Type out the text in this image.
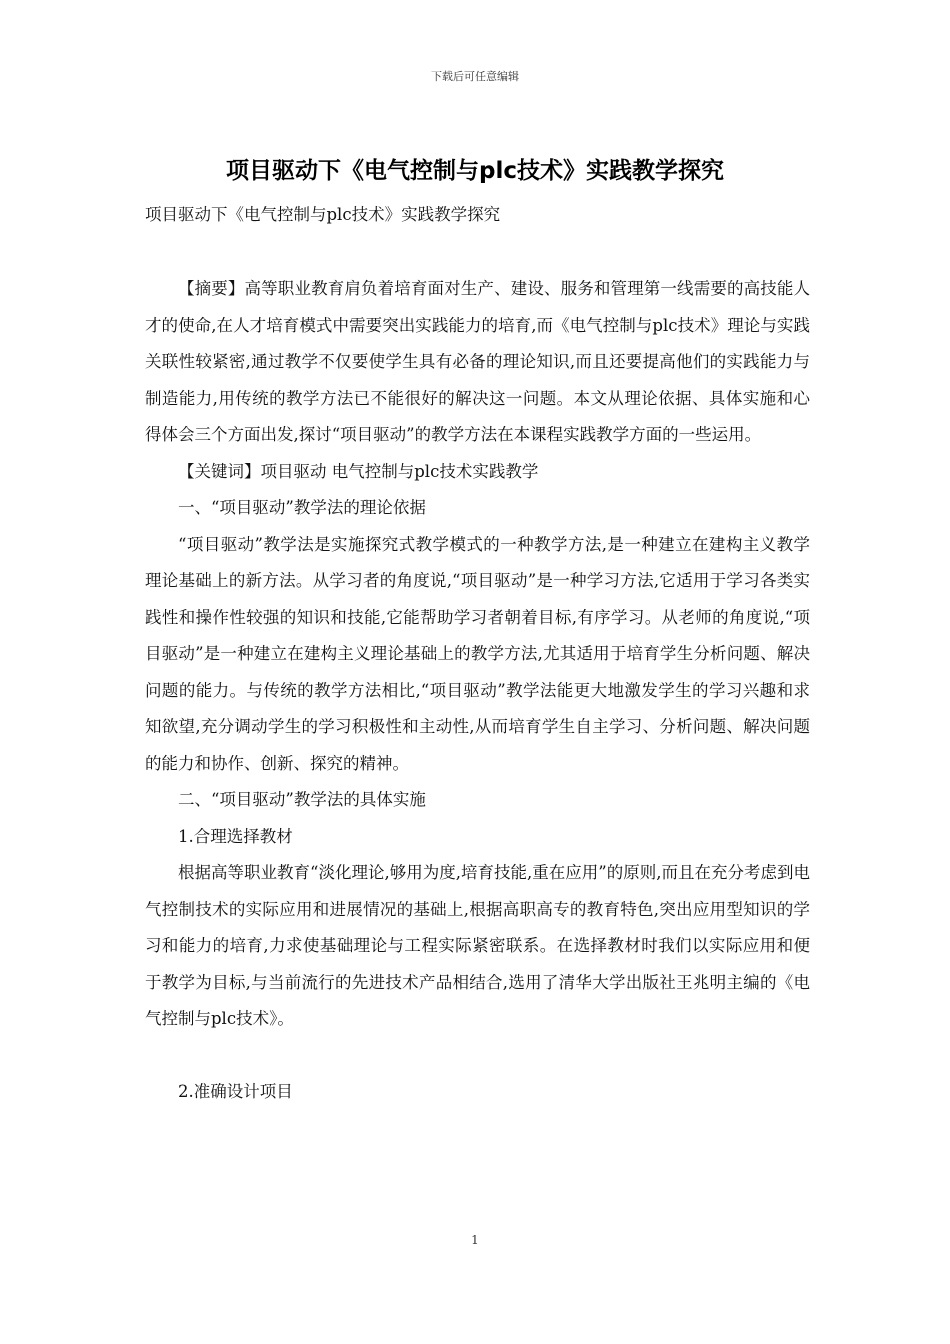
下载后可任意编辑
项目驱动下《电气控制与plc技术》实践教学探究
项目驱动下《电气控制与plc技术》实践教学探究

【摘要】高等职业教育肩负着培育面对生产、建设、服务和管理第一线需要的高技能人才的使命,在人才培育模式中需要突出实践能力的培育,而《电气控制与plc技术》理论与实践关联性较紧密,通过教学不仅要使学生具有必备的理论知识,而且还要提高他们的实践能力与制造能力,用传统的教学方法已不能很好的解决这一问题。本文从理论依据、具体实施和心得体会三个方面出发,探讨“项目驱动”的教学方法在本课程实践教学方面的一些运用。

【关键词】项目驱动 电气控制与plc技术实践教学

一、“项目驱动”教学法的理论依据

“项目驱动”教学法是实施探究式教学模式的一种教学方法,是一种建立在建构主义教学理论基础上的新方法。从学习者的角度说,“项目驱动”是一种学习方法,它适用于学习各类实践性和操作性较强的知识和技能,它能帮助学习者朝着目标,有序学习。从老师的角度说,“项目驱动”是一种建立在建构主义理论基础上的教学方法,尤其适用于培育学生分析问题、解决问题的能力。与传统的教学方法相比,“项目驱动”教学法能更大地激发学生的学习兴趣和求知欲望,充分调动学生的学习积极性和主动性,从而培育学生自主学习、分析问题、解决问题的能力和协作、创新、探究的精神。

二、“项目驱动”教学法的具体实施

1.合理选择教材

根据高等职业教育“淡化理论,够用为度,培育技能,重在应用”的原则,而且在充分考虑到电气控制技术的实际应用和进展情况的基础上,根据高职高专的教育特色,突出应用型知识的学习和能力的培育,力求使基础理论与工程实际紧密联系。在选择教材时我们以实际应用和便于教学为目标,与当前流行的先进技术产品相结合,选用了清华大学出版社王兆明主编的《电气控制与plc技术》。

2.准确设计项目

1
